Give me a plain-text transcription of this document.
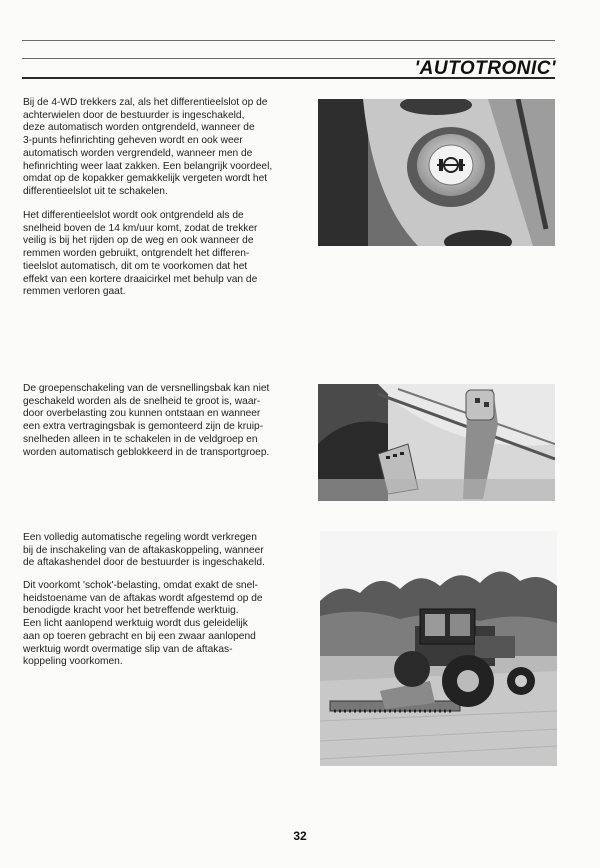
'AUTOTRONIC'
Bij de 4-WD trekkers zal, als het differentieelslot op de
achterwielen door de bestuurder is ingeschakeld,
deze automatisch worden ontgrendeld, wanneer de
3-punts hefinrichting geheven wordt en ook weer
automatisch worden vergrendeld, wanneer men de
hefinrichting weer laat zakken. Een belangrijk voordeel,
omdat op de kopakker gemakkelijk vergeten wordt het
differentieelslot uit te schakelen.
Het differentieelslot wordt ook ontgrendeld als de
snelheid boven de 14 km/uur komt, zodat de trekker
veilig is bij het rijden op de weg en ook wanneer de
remmen worden gebruikt, ontgrendelt het differen-
tieelslot automatisch, dit om te voorkomen dat het
effekt van een kortere draaicirkel met behulp van de
remmen verloren gaat.
De groepenschakeling van de versnellingsbak kan niet
geschakeld worden als de snelheid te groot is, waar-
door overbelasting zou kunnen ontstaan en wanneer
een extra vertragingsbak is gemonteerd zijn de kruip-
snelheden alleen in te schakelen in de veldgroep en
worden automatisch geblokkeerd in de transportgroep.
Een volledig automatische regeling wordt verkregen
bij de inschakeling van de aftakaskoppeling, wanneer
de aftakashendel door de bestuurder is ingeschakeld.
Dit voorkomt 'schok'-belasting, omdat exakt de snel-
heidstoename van de aftakas wordt afgestemd op de
benodigde kracht voor het betreffende werktuig.
Een licht aanlopend werktuig wordt dus geleidelijk
aan op toeren gebracht en bij een zwaar aanlopend
werktuig wordt overmatige slip van de aftakas-
koppeling voorkomen.
32
